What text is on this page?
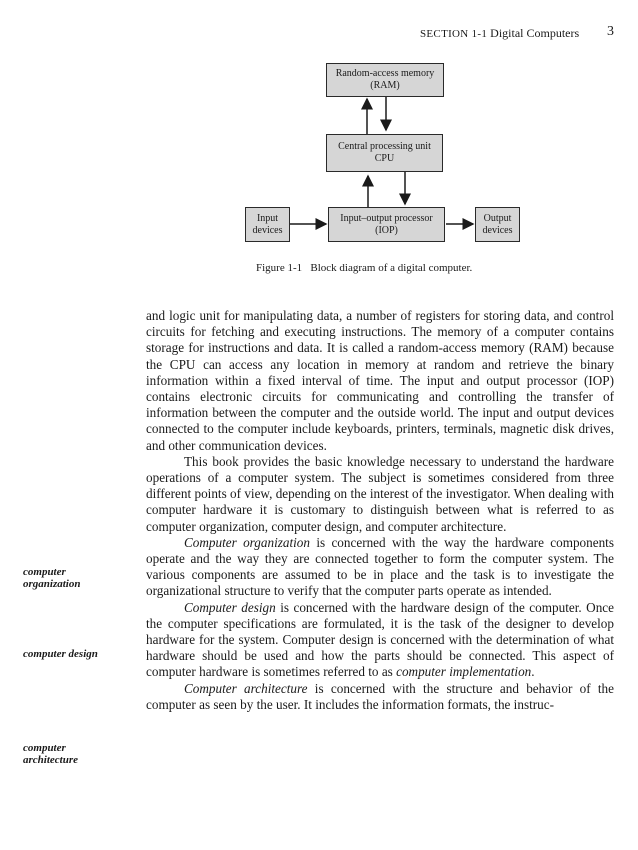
SECTION 1-1 Digital Computers 3
Random-access memory
(RAM)
Central processing unit
CPU
Input–output processor
(IOP)
Input
devices
Output
devices
Figure 1-1 Block diagram of a digital computer.
computer
organization
computer design
computer
architecture

and logic unit for manipulating data, a number of registers for storing data, and control circuits for fetching and executing instructions. The memory of a computer contains storage for instructions and data. It is called a random-access memory (RAM) because the CPU can access any location in memory at random and retrieve the binary information within a fixed interval of time. The input and output processor (IOP) contains electronic circuits for communicating and controlling the transfer of information between the computer and the outside world. The input and output devices connected to the computer include keyboards, printers, terminals, magnetic disk drives, and other communication devices.

This book provides the basic knowledge necessary to understand the hardware operations of a computer system. The subject is sometimes considered from three different points of view, depending on the interest of the investigator. When dealing with computer hardware it is customary to distinguish between what is referred to as computer organization, computer design, and computer architecture.

Computer organization is concerned with the way the hardware components operate and the way they are connected together to form the computer system. The various components are assumed to be in place and the task is to investigate the organizational structure to verify that the computer parts operate as intended.

Computer design is concerned with the hardware design of the computer. Once the computer specifications are formulated, it is the task of the designer to develop hardware for the system. Computer design is concerned with the determination of what hardware should be used and how the parts should be connected. This aspect of computer hardware is sometimes referred to as computer implementation.

Computer architecture is concerned with the structure and behavior of the computer as seen by the user. It includes the information formats, the instruc-
